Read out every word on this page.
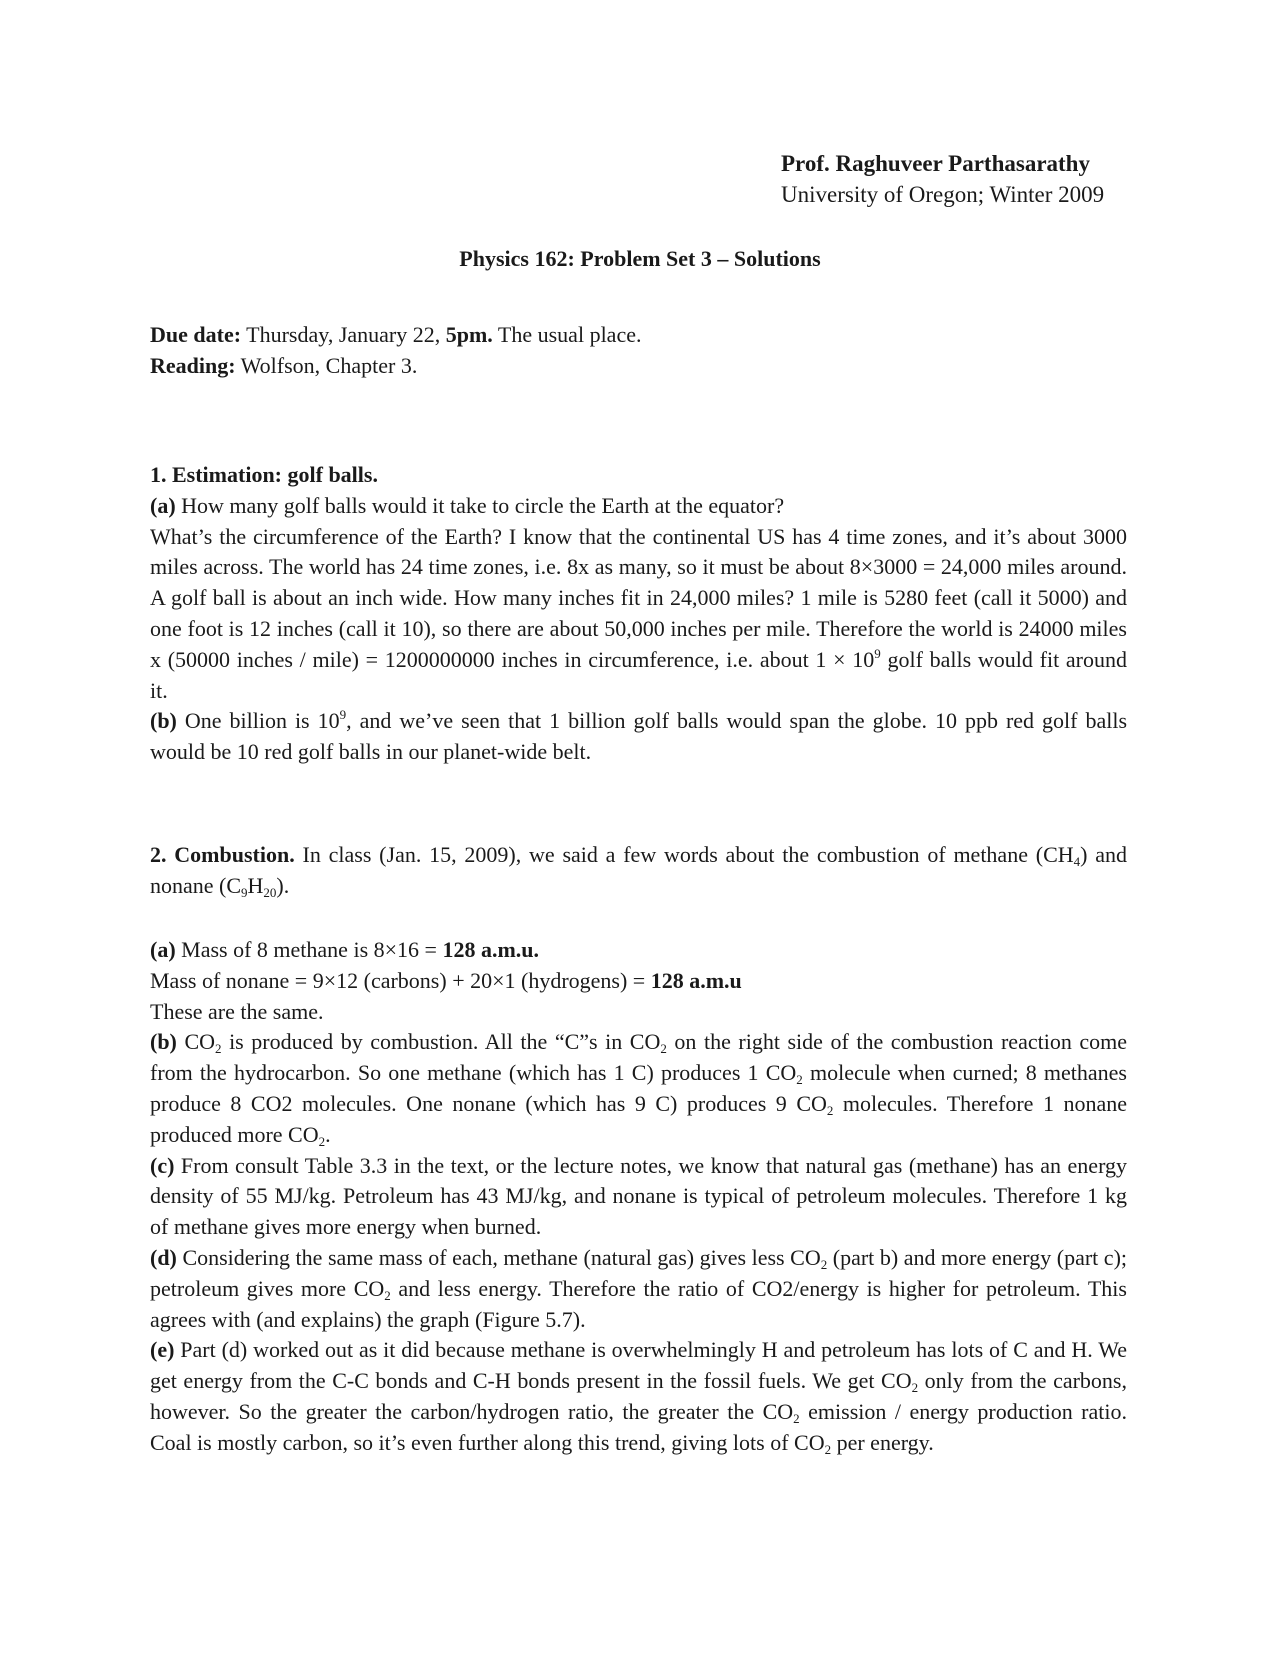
Prof. Raghuveer Parthasarathy
University of Oregon; Winter 2009
Physics 162: Problem Set 3 – Solutions

Due date: Thursday, January 22, 5pm. The usual place.

Reading: Wolfson, Chapter 3.

1. Estimation: golf balls.

(a) How many golf balls would it take to circle the Earth at the equator?

What’s the circumference of the Earth? I know that the continental US has 4 time zones, and it’s about 3000 miles across. The world has 24 time zones, i.e. 8x as many, so it must be about 8×3000 = 24,000 miles around. A golf ball is about an inch wide. How many inches fit in 24,000 miles? 1 mile is 5280 feet (call it 5000) and one foot is 12 inches (call it 10), so there are about 50,000 inches per mile. Therefore the world is 24000 miles x (50000 inches / mile) = 1200000000 inches in circumference, i.e. about $1 \times 10^9$ golf balls would fit around it.

(b) One billion is $10^9$, and we’ve seen that 1 billion golf balls would span the globe. 10 ppb red golf balls would be 10 red golf balls in our planet-wide belt.

2. Combustion. In class (Jan. 15, 2009), we said a few words about the combustion of methane $(CH_4)$ and nonane $(C_9H_{20})$.

(a) Mass of 8 methane is 8×16 = 128 a.m.u.

Mass of nonane = 9×12 (carbons) + 20×1 (hydrogens) = 128 a.m.u

These are the same.

(b) $CO_2$ is produced by combustion. All the “C”s in $CO_2$ on the right side of the combustion reaction come from the hydrocarbon. So one methane (which has 1 C) produces 1 $CO_2$ molecule when curned; 8 methanes produce 8 CO2 molecules. One nonane (which has 9 C) produces 9 $CO_2$ molecules. Therefore 1 nonane produced more $CO_2$.

(c) From consult Table 3.3 in the text, or the lecture notes, we know that natural gas (methane) has an energy density of 55 MJ/kg. Petroleum has 43 MJ/kg, and nonane is typical of petroleum molecules. Therefore 1 kg of methane gives more energy when burned.

(d) Considering the same mass of each, methane (natural gas) gives less $CO_2$ (part b) and more energy (part c); petroleum gives more $CO_2$ and less energy. Therefore the ratio of CO2/energy is higher for petroleum. This agrees with (and explains) the graph (Figure 5.7).

(e) Part (d) worked out as it did because methane is overwhelmingly H and petroleum has lots of C and H. We get energy from the C-C bonds and C-H bonds present in the fossil fuels. We get $CO_2$ only from the carbons, however. So the greater the carbon/hydrogen ratio, the greater the $CO_2$ emission / energy production ratio. Coal is mostly carbon, so it’s even further along this trend, giving lots of $CO_2$ per energy.
